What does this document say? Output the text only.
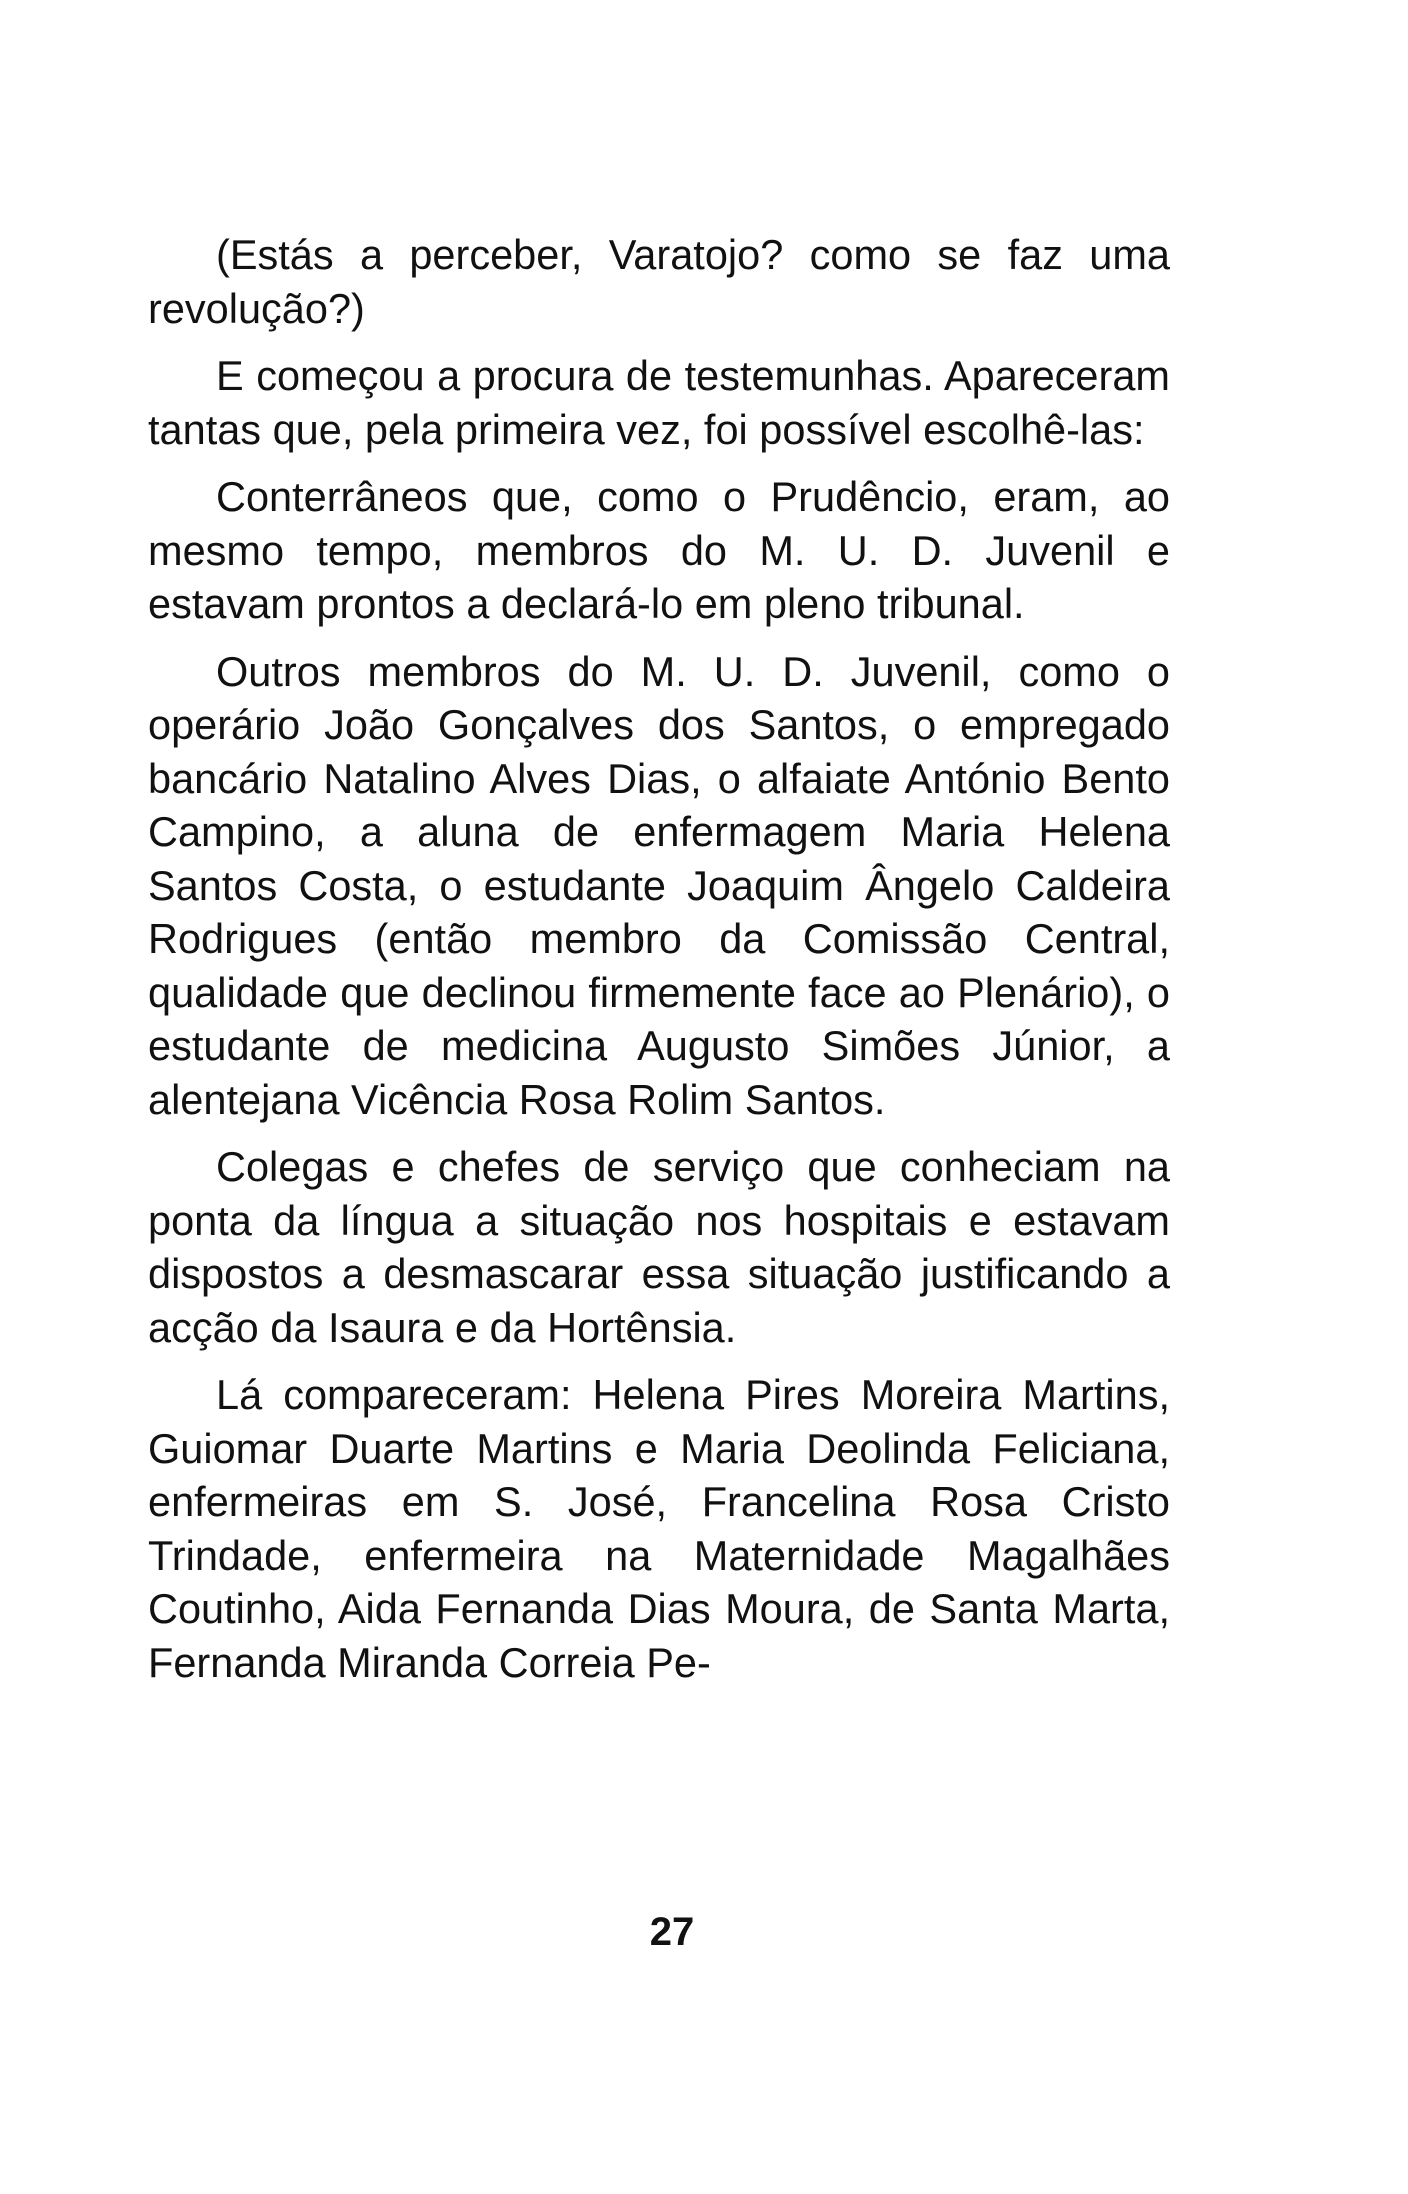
(Estás a perceber, Varatojo? como se faz uma revolução?)

E começou a procura de testemunhas. Apareceram tantas que, pela primeira vez, foi possível escolhê-las:

Conterrâneos que, como o Prudêncio, eram, ao mesmo tempo, membros do M. U. D. Juvenil e estavam prontos a declará-lo em pleno tribunal.

Outros membros do M. U. D. Juvenil, como o operário João Gonçalves dos Santos, o empregado bancário Natalino Alves Dias, o alfaiate António Bento Campino, a aluna de enfermagem Maria Helena Santos Costa, o estudante Joaquim Ângelo Caldeira Rodrigues (então membro da Comissão Central, qualidade que declinou firmemente face ao Plenário), o estudante de medicina Augusto Simões Júnior, a alentejana Vicência Rosa Rolim Santos.

Colegas e chefes de serviço que conheciam na ponta da língua a situação nos hospitais e estavam dispostos a desmascarar essa situação justificando a acção da Isaura e da Hortênsia.

Lá compareceram: Helena Pires Moreira Martins, Guiomar Duarte Martins e Maria Deolinda Feliciana, enfermeiras em S. José, Francelina Rosa Cristo Trindade, enfermeira na Maternidade Magalhães Coutinho, Aida Fernanda Dias Moura, de Santa Marta, Fernanda Miranda Correia Pe-

27
